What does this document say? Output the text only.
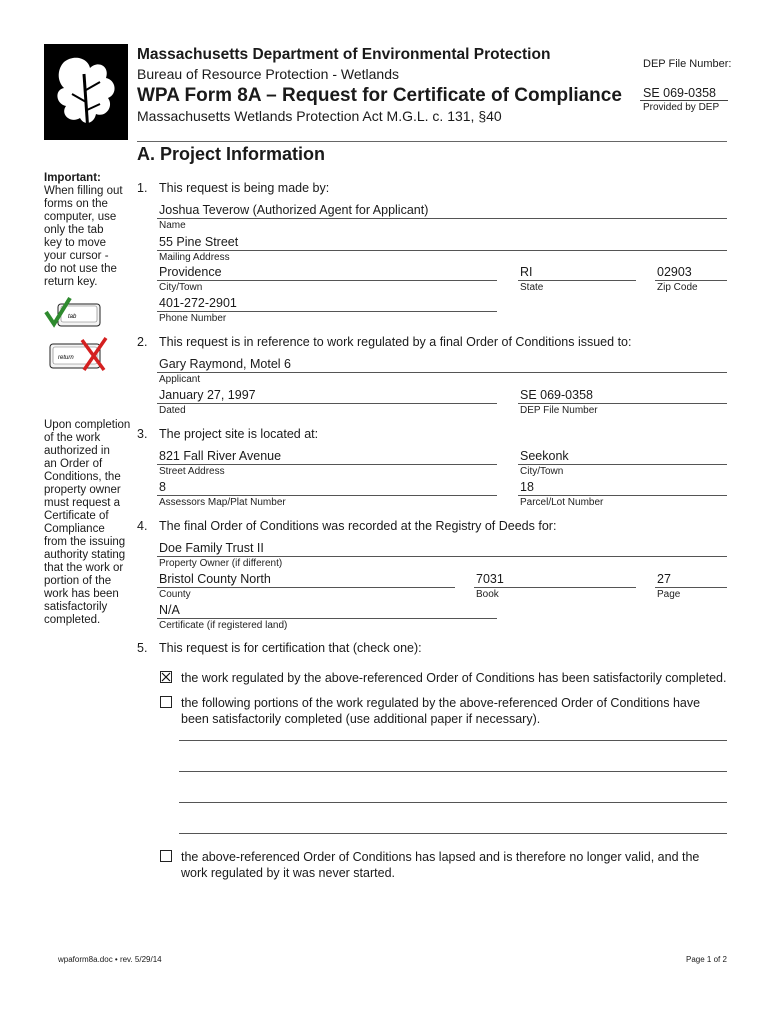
Massachusetts Department of Environmental Protection
Bureau of Resource Protection - Wetlands
WPA Form 8A – Request for Certificate of Compliance
Massachusetts Wetlands Protection Act M.G.L. c. 131, §40
DEP File Number:
SE 069-0358
Provided by DEP
A. Project Information
Important:
When filling out
forms on the
computer, use
only the tab
key to move
your cursor -
do not use the
return key.
tab
return
Upon completion
of the work
authorized in
an Order of
Conditions, the
property owner
must request a
Certificate of
Compliance
from the issuing
authority stating
that the work or
portion of the
work has been
satisfactorily
completed.
1. This request is being made by:
Joshua Teverow (Authorized Agent for Applicant)
Name
55 Pine Street
Mailing Address
Providence	RI	02903
City/Town	State	Zip Code
401-272-2901
Phone Number
2. This request is in reference to work regulated by a final Order of Conditions issued to:
Gary Raymond, Motel 6
Applicant
January 27, 1997	SE 069-0358
Dated	DEP File Number
3. The project site is located at:
821 Fall River Avenue	Seekonk
Street Address	City/Town
8	18
Assessors Map/Plat Number	Parcel/Lot Number
4. The final Order of Conditions was recorded at the Registry of Deeds for:
Doe Family Trust II
Property Owner (if different)
Bristol County North	7031	27
County	Book	Page
N/A
Certificate (if registered land)
5. This request is for certification that (check one):
the work regulated by the above-referenced Order of Conditions has been satisfactorily completed.
the following portions of the work regulated by the above-referenced Order of Conditions have
been satisfactorily completed (use additional paper if necessary).
the above-referenced Order of Conditions has lapsed and is therefore no longer valid, and the
work regulated by it was never started.
wpaform8a.doc • rev. 5/29/14	Page 1 of 2
